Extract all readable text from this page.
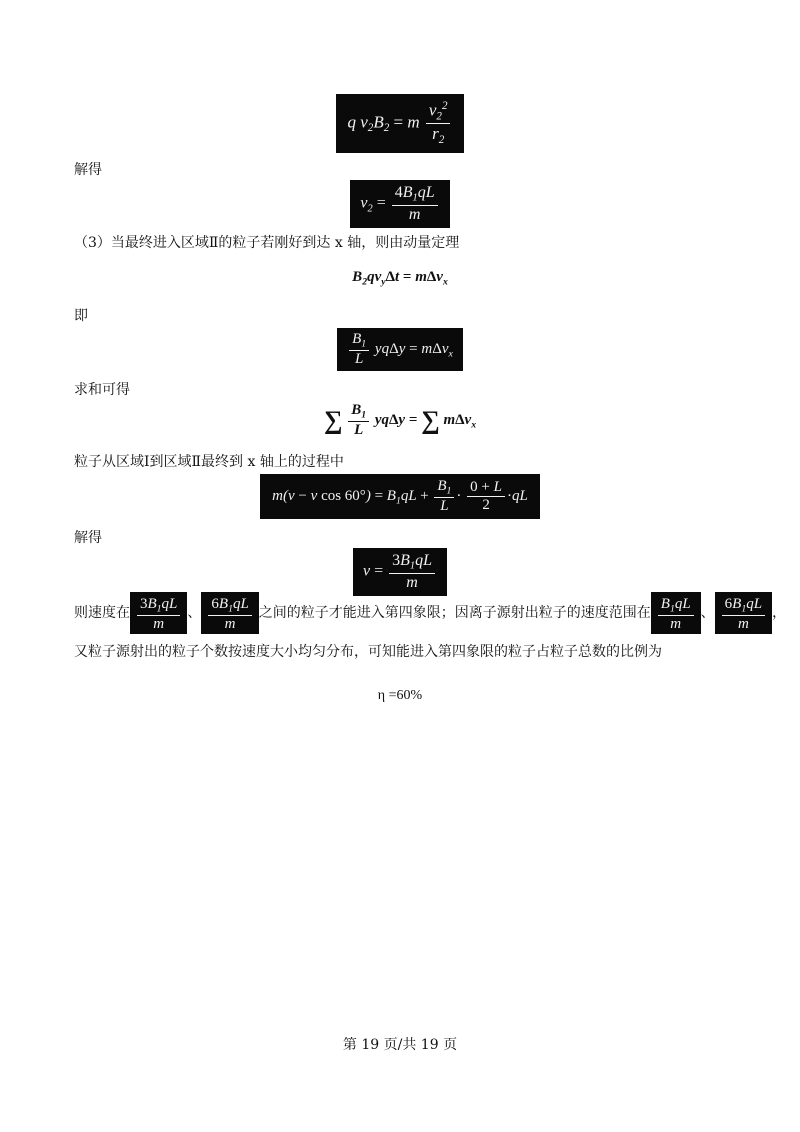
q $v_2B_2 = m \frac{v_2^2}{r_2}$
解得
$v_2 = \frac{4B_1qL}{m}$
（3）当最终进入区域Ⅱ的粒子若刚好到达 x 轴，则由动量定理
$B_2qv_y\Delta t = m\Delta v_x$
即
$\frac{B_1}{L}$ yqΔy = mΔv$_x$
求和可得
∑ $\frac{B_1}{L}$ yqΔy = ∑ mΔv$_x$
粒子从区域Ⅰ到区域Ⅱ最终到 x 轴上的过程中
m(v − v $\cos 60^\circ) = B_1qL + \frac{B_1}{L} \cdot \frac{0 + L}{2} \cdot qL$
解得
$v = \frac{3B_1qL}{m}$
则速度在 $\frac{3B_1qL}{m}$ 、 $\frac{6B_1qL}{m}$ 之间的粒子才能进入第四象限；因离子源射出粒子的速度范围在 $\frac{B_1qL}{m}$ 、 $\frac{6B_1qL}{m}$ ，
又粒子源射出的粒子个数按速度大小均匀分布，可知能进入第四象限的粒子占粒子总数的比例为
η =60%
第 19 页/共 19 页
